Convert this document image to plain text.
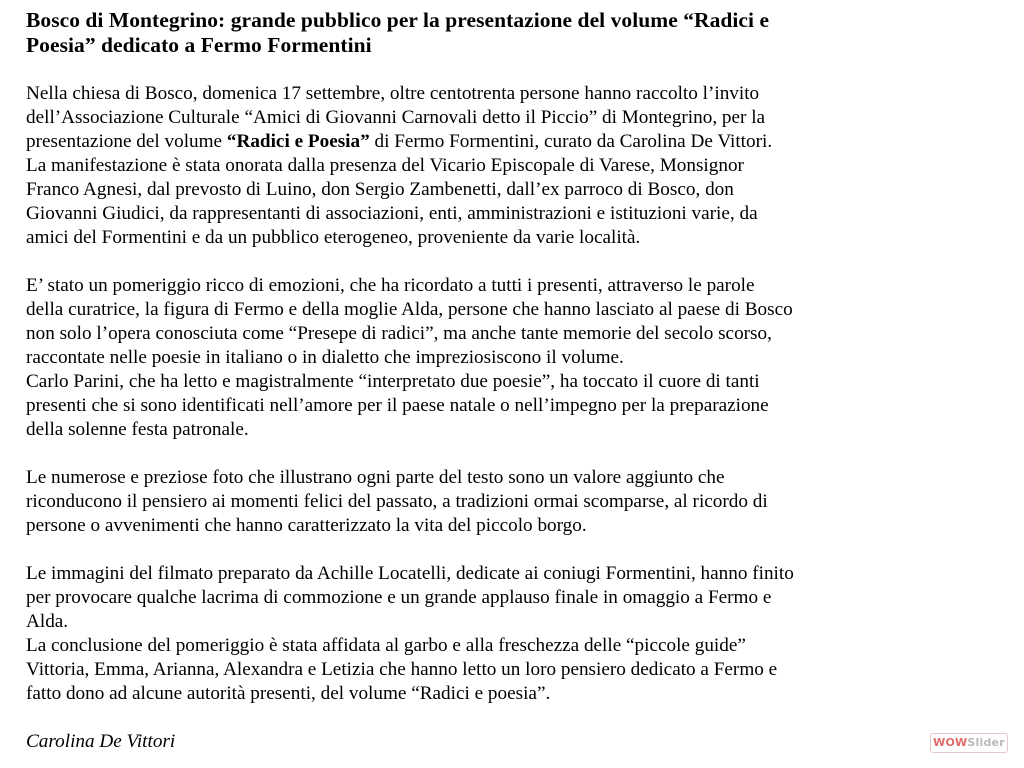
Bosco di Montegrino: grande pubblico per la presentazione del volume “Radici e
Poesia” dedicato a Fermo Formentini

Nella chiesa di Bosco, domenica 17 settembre, oltre centotrenta persone hanno raccolto l’invito
dell’Associazione Culturale “Amici di Giovanni Carnovali detto il Piccio” di Montegrino, per la
presentazione del volume “Radici e Poesia” di Fermo Formentini, curato da Carolina De Vittori.
La manifestazione è stata onorata dalla presenza del Vicario Episcopale di Varese, Monsignor
Franco Agnesi, dal prevosto di Luino, don Sergio Zambenetti, dall’ex parroco di Bosco, don
Giovanni Giudici, da rappresentanti di associazioni, enti, amministrazioni e istituzioni varie, da
amici del Formentini e da un pubblico eterogeneo, proveniente da varie località.

E’ stato un pomeriggio ricco di emozioni, che ha ricordato a tutti i presenti, attraverso le parole
della curatrice, la figura di Fermo e della moglie Alda, persone che hanno lasciato al paese di Bosco
non solo l’opera conosciuta come “Presepe di radici”, ma anche tante memorie del secolo scorso,
raccontate nelle poesie in italiano o in dialetto che impreziosiscono il volume.
Carlo Parini, che ha letto e magistralmente “interpretato due poesie”, ha toccato il cuore di tanti
presenti che si sono identificati nell’amore per il paese natale o nell’impegno per la preparazione
della solenne festa patronale.

Le numerose e preziose foto che illustrano ogni parte del testo sono un valore aggiunto che
riconducono il pensiero ai momenti felici del passato, a tradizioni ormai scomparse, al ricordo di
persone o avvenimenti che hanno caratterizzato la vita del piccolo borgo.

Le immagini del filmato preparato da Achille Locatelli, dedicate ai coniugi Formentini, hanno finito
per provocare qualche lacrima di commozione e un grande applauso finale in omaggio a Fermo e
Alda.
La conclusione del pomeriggio è stata affidata al garbo e alla freschezza delle “piccole guide”
Vittoria, Emma, Arianna, Alexandra e Letizia che hanno letto un loro pensiero dedicato a Fermo e
fatto dono ad alcune autorità presenti, del volume “Radici e poesia”.

Carolina De Vittori	WOWSlider
